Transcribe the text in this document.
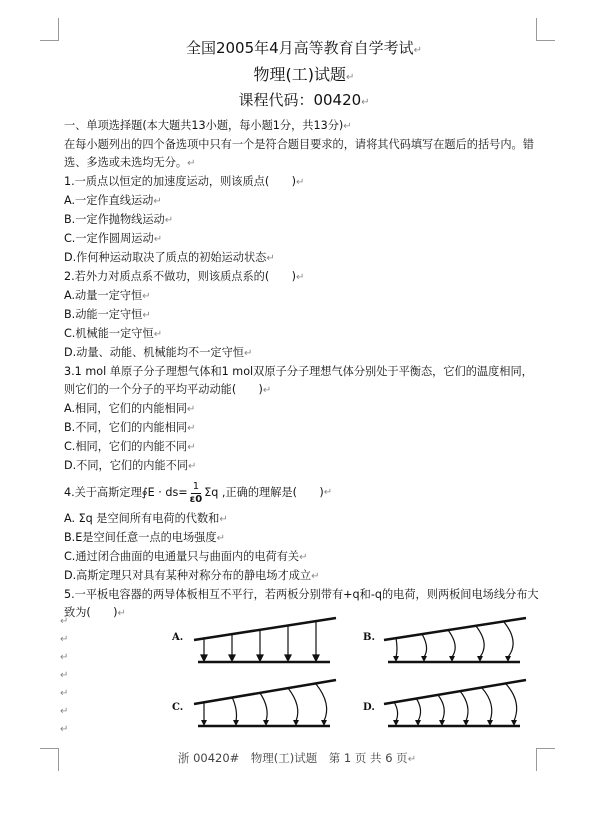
全国2005年4月高等教育自学考试↵
物理(工)试题↵
课程代码：00420↵
一、单项选择题(本大题共13小题，每小题1分，共13分)↵
在每小题列出的四个备选项中只有一个是符合题目要求的，请将其代码填写在题后的括号内。错选、多选或未选均无分。↵
1.一质点以恒定的加速度运动，则该质点(　　)↵
A.一定作直线运动↵
B.一定作抛物线运动↵
C.一定作圆周运动↵
D.作何种运动取决了质点的初始运动状态↵
2.若外力对质点系不做功，则该质点系的(　　)↵
A.动量一定守恒↵
B.动能一定守恒↵
C.机械能一定守恒↵
D.动量、动能、机械能均不一定守恒↵
3.1 mol 单原子分子理想气体和1 mol双原子分子理想气体分别处于平衡态，它们的温度相同，则它们的一个分子的平均平动动能(　　)↵
A.相同，它们的内能相同↵
B.不同，它们的内能相同↵
C.相同，它们的内能不同↵
D.不同，它们的内能不同↵
4.关于高斯定理∮E · $ds= \frac{1}{\varepsilon 0}$ Σq ,正确的理解是(　　) ↵
A. Σq 是空间所有电荷的代数和↵
B.E是空间任意一点的电场强度↵
C.通过闭合曲面的电通量只与曲面内的电荷有关↵
D.高斯定理只对具有某种对称分布的静电场才成立↵
5.一平板电容器的两导体板相互不平行，若两板分别带有+q和-q的电荷，则两板间电场线分布大致为(　　)↵
↵
↵
↵
↵
↵
↵
↵
A.	B.
C.	D.
浙 00420#　物理(工)试题　第 1 页 共 6 页↵
